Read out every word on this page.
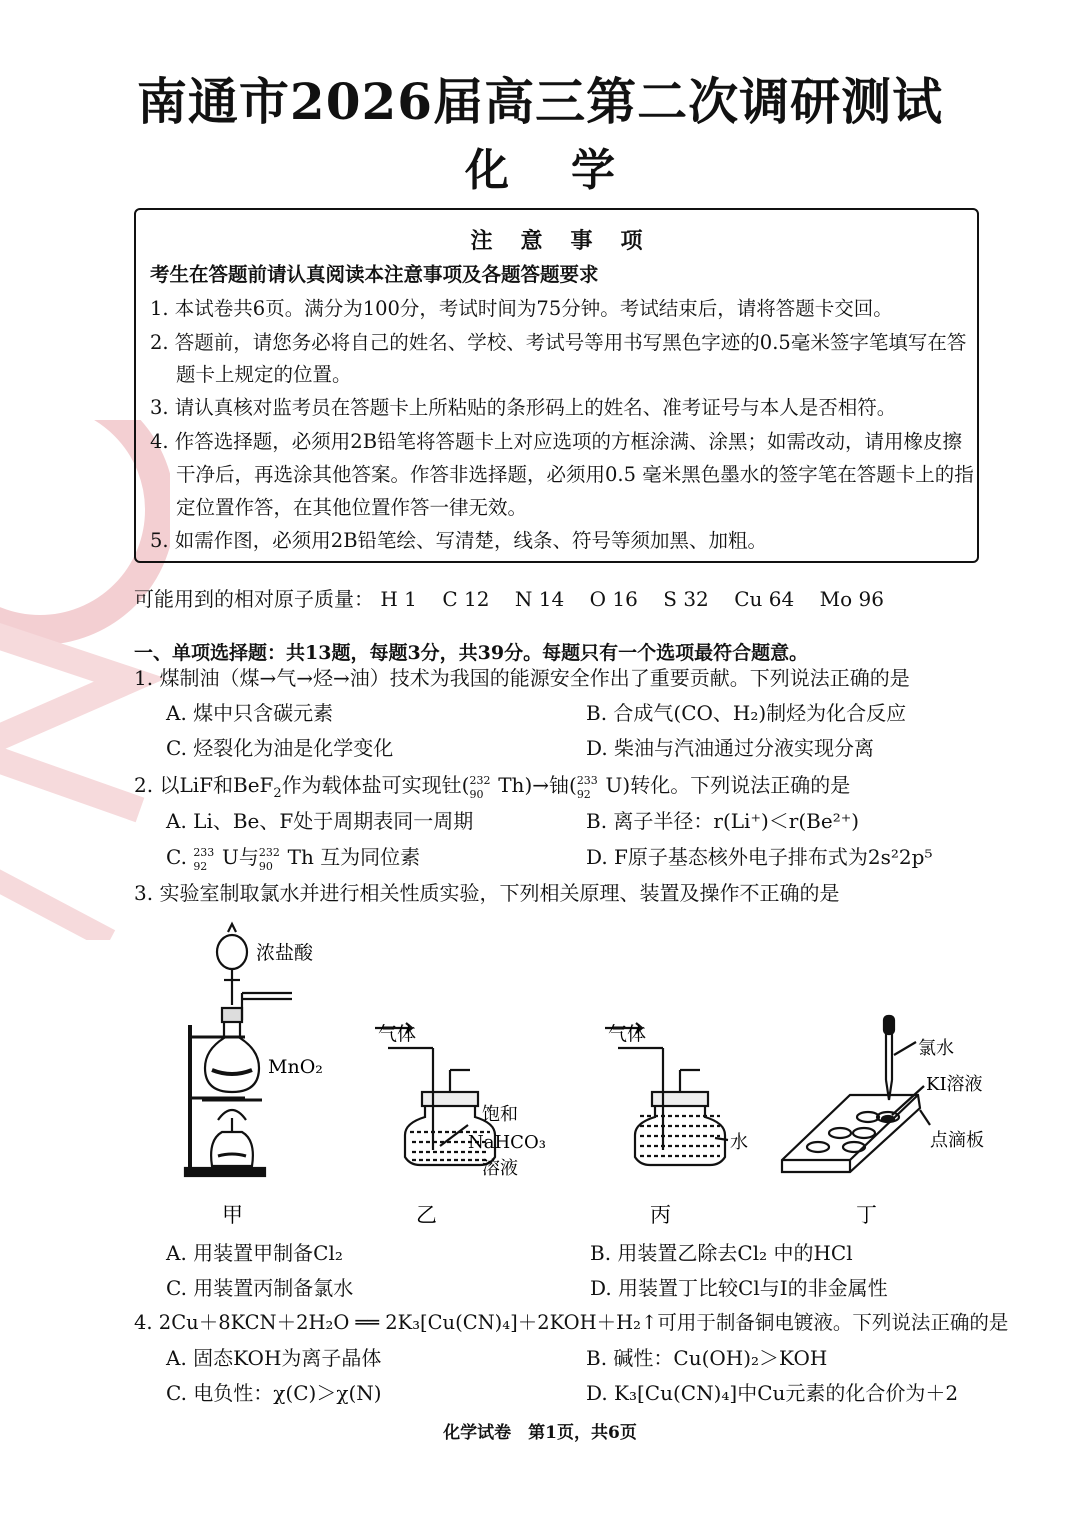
南通市2026届高三第二次调研测试
化学
注意事项
考生在答题前请认真阅读本注意事项及各题答题要求
1. 本试卷共6页。满分为100分，考试时间为75分钟。考试结束后，请将答题卡交回。
2. 答题前，请您务必将自己的姓名、学校、考试号等用书写黑色字迹的0.5毫米签字笔填写在答
题卡上规定的位置。
3. 请认真核对监考员在答题卡上所粘贴的条形码上的姓名、准考证号与本人是否相符。
4. 作答选择题，必须用2B铅笔将答题卡上对应选项的方框涂满、涂黑；如需改动，请用橡皮擦
干净后，再选涂其他答案。作答非选择题，必须用0.5 毫米黑色墨水的签字笔在答题卡上的指
定位置作答，在其他位置作答一律无效。
5. 如需作图，必须用2B铅笔绘、写清楚，线条、符号等须加黑、加粗。
可能用到的相对原子质量： H 1 C 12 N 14 O 16 S 32 Cu 64 Mo 96
一、单项选择题：共13题，每题3分，共39分。每题只有一个选项最符合题意。
1. 煤制油（煤→气→烃→油）技术为我国的能源安全作出了重要贡献。下列说法正确的是
A. 煤中只含碳元素	B. 合成气(CO、H₂)制烃为化合反应
C. 烃裂化为油是化学变化	D. 柴油与汽油通过分液实现分离
2. 以LiF和BeF$_2$作为载体盐可实现钍( 232
90 Th)→铀( 233
92 U)转化。下列说法正确的是
A. Li、Be、F处于周期表同一周期	B. 离子半径：r(Li⁺)＜r(Be²⁺)
C. 233
92 U与 232
90 Th 互为同位素	D. F原子基态核外电子排布式为2s²2p⁵
3. 实验室制取氯水并进行相关性质实验，下列相关原理、装置及操作不正确的是
浓盐酸
MnO₂
气体
饱和
NaHCO₃
溶液
气体
水
氯水
KI溶液
点滴板
甲	乙	丙	丁
A. 用装置甲制备Cl₂	B. 用装置乙除去Cl₂ 中的HCl
C. 用装置丙制备氯水	D. 用装置丁比较Cl与I的非金属性
4. 2Cu＋8KCN＋2H₂O ══ 2K₃[Cu(CN)₄]＋2KOH＋H₂↑可用于制备铜电镀液。下列说法正确的是
A. 固态KOH为离子晶体	B. 碱性：Cu(OH)₂＞KOH
C. 电负性：χ(C)＞χ(N)	D. K₃[Cu(CN)₄]中Cu元素的化合价为＋2
化学试卷　第1页，共6页
